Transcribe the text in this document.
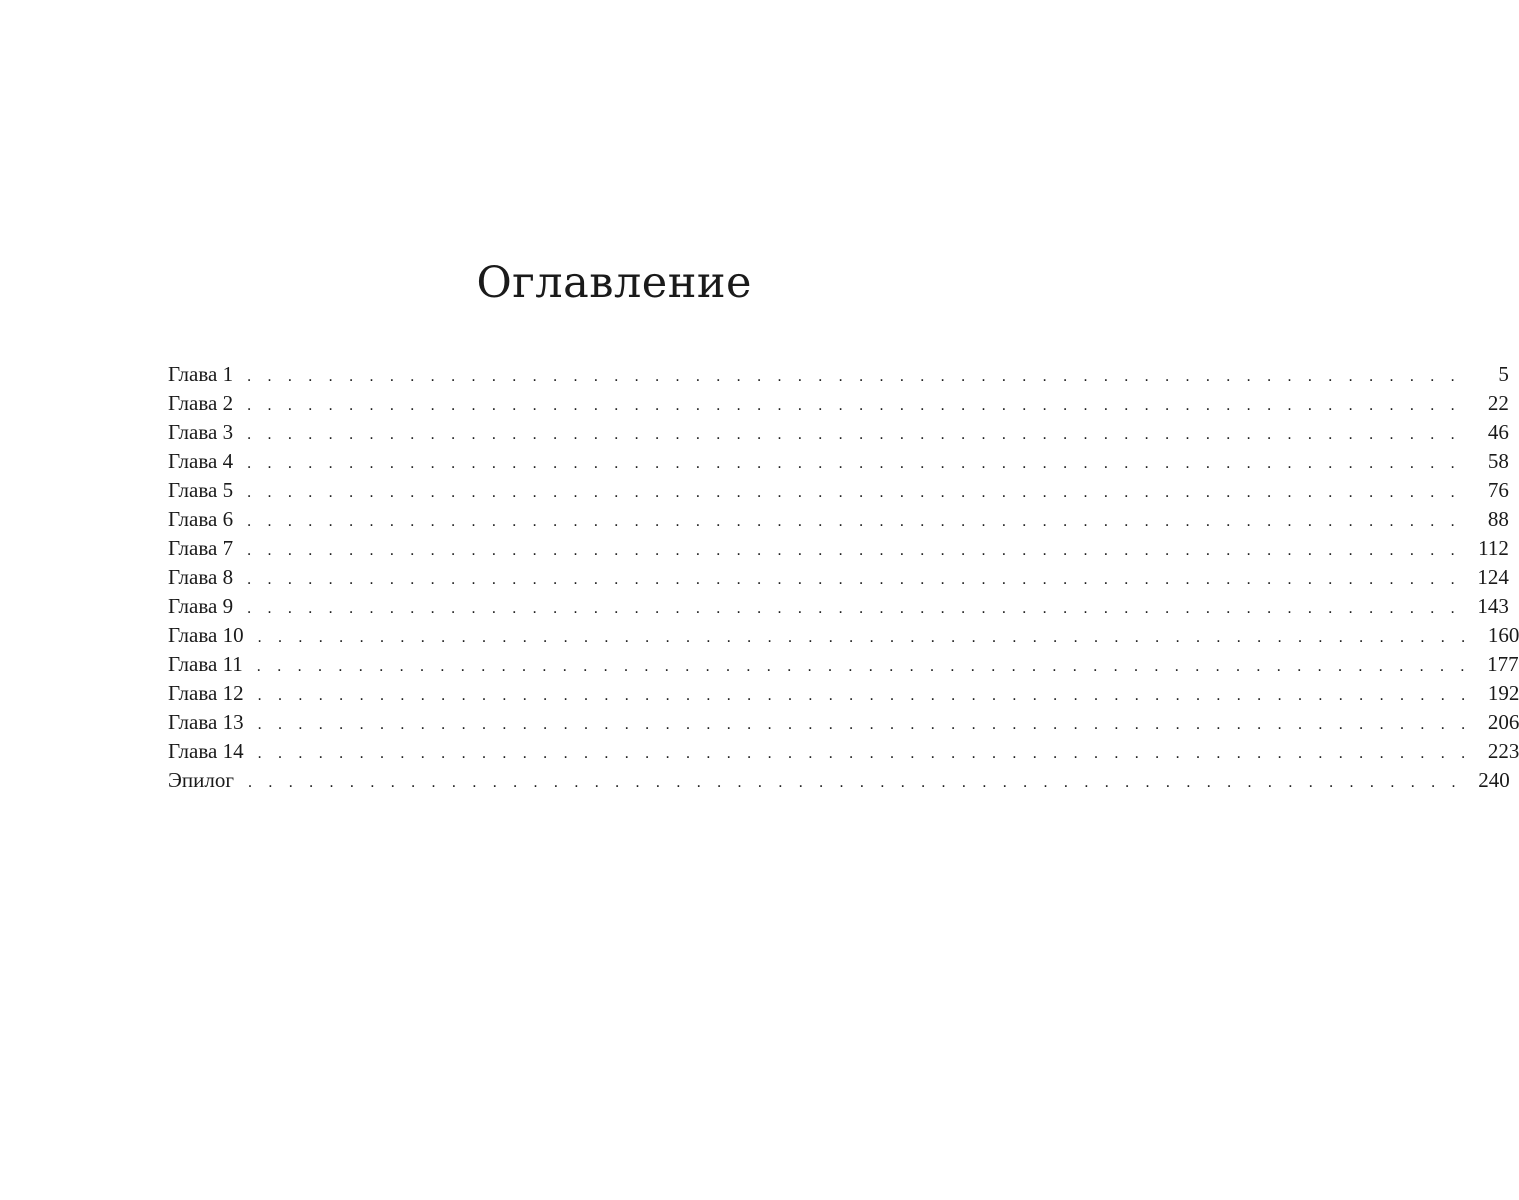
Оглавление
Глава 1 . . . . . . . . . . . . . . . . . . . . . . . . . . . . . . . . . . . . . . . . . . . . . . . . . . . . . . . . . . . .	5
Глава 2 . . . . . . . . . . . . . . . . . . . . . . . . . . . . . . . . . . . . . . . . . . . . . . . . . . . . . . . . . . . .	22
Глава 3 . . . . . . . . . . . . . . . . . . . . . . . . . . . . . . . . . . . . . . . . . . . . . . . . . . . . . . . . . . . .	46
Глава 4 . . . . . . . . . . . . . . . . . . . . . . . . . . . . . . . . . . . . . . . . . . . . . . . . . . . . . . . . . . . .	58
Глава 5 . . . . . . . . . . . . . . . . . . . . . . . . . . . . . . . . . . . . . . . . . . . . . . . . . . . . . . . . . . . .	76
Глава 6 . . . . . . . . . . . . . . . . . . . . . . . . . . . . . . . . . . . . . . . . . . . . . . . . . . . . . . . . . . . .	88
Глава 7 . . . . . . . . . . . . . . . . . . . . . . . . . . . . . . . . . . . . . . . . . . . . . . . . . . . . . . . . . . . . 112
Глава 8 . . . . . . . . . . . . . . . . . . . . . . . . . . . . . . . . . . . . . . . . . . . . . . . . . . . . . . . . . . . . 124
Глава 9 . . . . . . . . . . . . . . . . . . . . . . . . . . . . . . . . . . . . . . . . . . . . . . . . . . . . . . . . . . . . 143
Глава 10 . . . . . . . . . . . . . . . . . . . . . . . . . . . . . . . . . . . . . . . . . . . . . . . . . . . . . . . . . . . . 160
Глава 11 . . . . . . . . . . . . . . . . . . . . . . . . . . . . . . . . . . . . . . . . . . . . . . . . . . . . . . . . . . . . 177
Глава 12 . . . . . . . . . . . . . . . . . . . . . . . . . . . . . . . . . . . . . . . . . . . . . . . . . . . . . . . . . . . . 192
Глава 13 . . . . . . . . . . . . . . . . . . . . . . . . . . . . . . . . . . . . . . . . . . . . . . . . . . . . . . . . . . . . 206
Глава 14 . . . . . . . . . . . . . . . . . . . . . . . . . . . . . . . . . . . . . . . . . . . . . . . . . . . . . . . . . . . . 223
Эпилог . . . . . . . . . . . . . . . . . . . . . . . . . . . . . . . . . . . . . . . . . . . . . . . . . . . . . . . . . . . . 240
